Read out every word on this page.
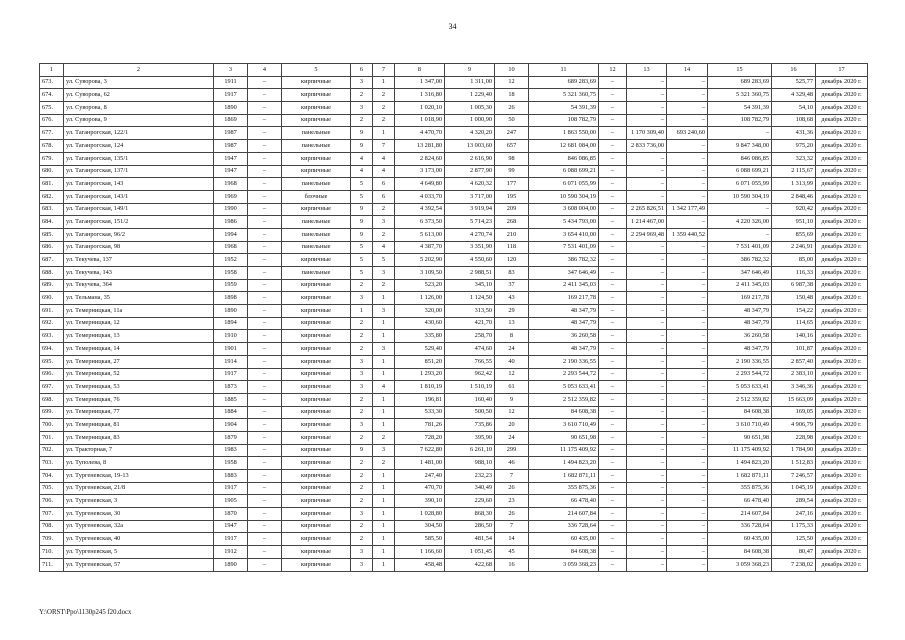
34
1	2	3	4	5	6	7	8	9	10	11	12	13	14	15	16	17
673.	ул. Суворова, 3	1911	–	кирпичные	3	1	1 347,00	1 311,00	12	689 283,69	–	–	–	689 283,69	525,77	декабрь 2020 г.
674.	ул. Суворова, 62	1917	–	кирпичные	2	2	1 316,80	1 229,40	18	5 321 360,75	–	–	–	5 321 360,75	4 329,48	декабрь 2020 г.
675.	ул. Суворова, 8	1890	–	кирпичные	3	2	1 020,10	1 005,30	26	54 391,39	–	–	–	54 391,39	54,10	декабрь 2020 г.
676.	ул. Суворова, 9	1869	–	кирпичные	2	2	1 018,90	1 000,90	50	108 782,79	–	–	–	108 782,79	108,68	декабрь 2020 г.
677.	ул. Таганрогская, 122/1	1987	–	панельные	9	1	4 470,70	4 320,20	247	1 863 550,00	–	1 170 309,40	693 240,60	–	431,36	декабрь 2020 г.
678.	ул. Таганрогская, 124	1987	–	панельные	9	7	13 281,80	13 003,60	657	12 681 084,00	–	2 833 736,00	–	9 847 348,00	975,20	декабрь 2020 г.
679.	ул. Таганрогская, 135/1	1947	–	кирпичные	4	4	2 824,60	2 616,90	98	846 086,85	–	–	–	846 086,85	323,32	декабрь 2020 г.
680.	ул. Таганрогская, 137/1	1947	–	кирпичные	4	4	3 173,00	2 877,90	99	6 088 699,21	–	–	–	6 088 699,21	2 115,67	декабрь 2020 г.
681.	ул. Таганрогская, 143	1968	–	панельные	5	6	4 649,80	4 620,32	177	6 071 055,99	–	–	–	6 071 055,99	1 313,99	декабрь 2020 г.
682.	ул. Таганрогская, 143/1	1969	–	блочные	5	6	4 033,70	3 717,00	195	10 590 304,19	–	–	–	10 590 304,19	2 848,46	декабрь 2020 г.
683.	ул. Таганрогская, 149/1	1990	–	кирпичные	9	2	4 392,54	3 919,94	209	3 608 004,00	–	2 265 826,51	1 342 177,49	–	920,42	декабрь 2020 г.
684.	ул. Таганрогская, 151/2	1986	–	панельные	9	3	6 373,50	5 714,23	268	5 434 793,00	–	1 214 467,00	–	4 220 326,00	951,10	декабрь 2020 г.
685.	ул. Таганрогская, 96/2	1994	–	панельные	9	2	5 613,00	4 270,74	210	3 654 410,00	–	2 294 969,48	1 359 440,52	–	855,69	декабрь 2020 г.
686.	ул. Таганрогская, 98	1968	–	панельные	5	4	4 387,70	3 351,90	118	7 531 401,09	–	–	–	7 531 401,09	2 246,91	декабрь 2020 г.
687.	ул. Текучева, 137	1952	–	кирпичные	5	5	5 202,90	4 550,60	120	386 782,32	–	–	–	386 782,32	85,00	декабрь 2020 г.
688.	ул. Текучева, 143	1958	–	панельные	5	3	3 109,50	2 988,51	83	347 646,49	–	–	–	347 646,49	116,33	декабрь 2020 г.
689.	ул. Текучева, 364	1959	–	кирпичные	2	2	523,20	345,10	37	2 411 345,03	–	–	–	2 411 345,03	6 987,38	декабрь 2020 г.
690.	ул. Тельмана, 35	1898	–	кирпичные	3	1	1 126,00	1 124,50	43	169 217,78	–	–	–	169 217,78	150,48	декабрь 2020 г.
691.	ул. Темерницкая, 11а	1890	–	кирпичные	1	3	320,00	313,50	29	48 347,79	–	–	–	48 347,79	154,22	декабрь 2020 г.
692.	ул. Темерницкая, 12	1894	–	кирпичные	2	1	430,60	421,70	13	48 347,79	–	–	–	48 347,79	114,65	декабрь 2020 г.
693.	ул. Темерницкая, 13	1910	–	кирпичные	2	1	335,80	258,70	8	36 260,58	–	–	–	36 260,58	140,16	декабрь 2020 г.
694.	ул. Темерницкая, 14	1901	–	кирпичные	2	3	529,40	474,60	24	48 347,79	–	–	–	48 347,79	101,87	декабрь 2020 г.
695.	ул. Темерницкая, 27	1914	–	кирпичные	3	1	851,20	766,55	40	2 190 336,55	–	–	–	2 190 336,55	2 857,40	декабрь 2020 г.
696.	ул. Темерницкая, 52	1917	–	кирпичные	3	1	1 293,20	962,42	12	2 293 544,72	–	–	–	2 293 544,72	2 383,10	декабрь 2020 г.
697.	ул. Темерницкая, 53	1873	–	кирпичные	3	4	1 810,19	1 510,19	61	5 053 633,41	–	–	–	5 053 633,41	3 346,36	декабрь 2020 г.
698.	ул. Темерницкая, 76	1885	–	кирпичные	2	1	196,81	160,40	9	2 512 359,82	–	–	–	2 512 359,82	15 663,09	декабрь 2020 г.
699.	ул. Темерницкая, 77	1884	–	кирпичные	2	1	533,30	500,50	12	84 608,38	–	–	–	84 608,38	169,05	декабрь 2020 г.
700.	ул. Темерницкая, 81	1904	–	кирпичные	3	1	781,26	735,86	20	3 610 710,49	–	–	–	3 610 710,49	4 906,79	декабрь 2020 г.
701.	ул. Темерницкая, 83	1879	–	кирпичные	2	2	728,20	395,90	24	90 651,98	–	–	–	90 651,98	228,98	декабрь 2020 г.
702.	ул. Тракторная, 7	1983	–	кирпичные	9	3	7 622,80	6 261,10	299	11 175 409,92	–	–	–	11 175 409,92	1 784,90	декабрь 2020 г.
703.	ул. Туполева, 8	1958	–	кирпичные	2	2	1 481,00	988,10	46	1 494 823,20	–	–	–	1 494 823,20	1 512,83	декабрь 2020 г.
704.	ул. Тургеневская, 19-13	1883	–	кирпичные	2	1	247,40	232,23	7	1 682 871,11	–	–	–	1 682 871,11	7 246,57	декабрь 2020 г.
705.	ул. Тургеневская, 21/8	1917	–	кирпичные	2	1	470,70	340,49	26	355 875,36	–	–	–	355 875,36	1 045,19	декабрь 2020 г.
706.	ул. Тургеневская, 3	1905	–	кирпичные	2	1	390,10	229,60	23	66 478,40	–	–	–	66 478,40	289,54	декабрь 2020 г.
707.	ул. Тургеневская, 30	1870	–	кирпичные	3	1	1 028,80	868,30	26	214 607,84	–	–	–	214 607,84	247,16	декабрь 2020 г.
708.	ул. Тургеневская, 32а	1947	–	кирпичные	2	1	304,50	286,50	7	336 728,64	–	–	–	336 728,64	1 175,33	декабрь 2020 г.
709.	ул. Тургеневская, 40	1917	–	кирпичные	2	1	585,50	481,54	14	60 435,00	–	–	–	60 435,00	125,50	декабрь 2020 г.
710.	ул. Тургеневская, 5	1912	–	кирпичные	3	1	1 166,60	1 051,45	45	84 608,38	–	–	–	84 608,38	80,47	декабрь 2020 г.
711.	ул. Тургеневская, 57	1890	–	кирпичные	3	1	458,48	422,68	16	3 059 368,23	–	–	–	3 059 368,23	7 238,02	декабрь 2020 г.
Y:\ORST\Ppo\1130p245 f20.docx
